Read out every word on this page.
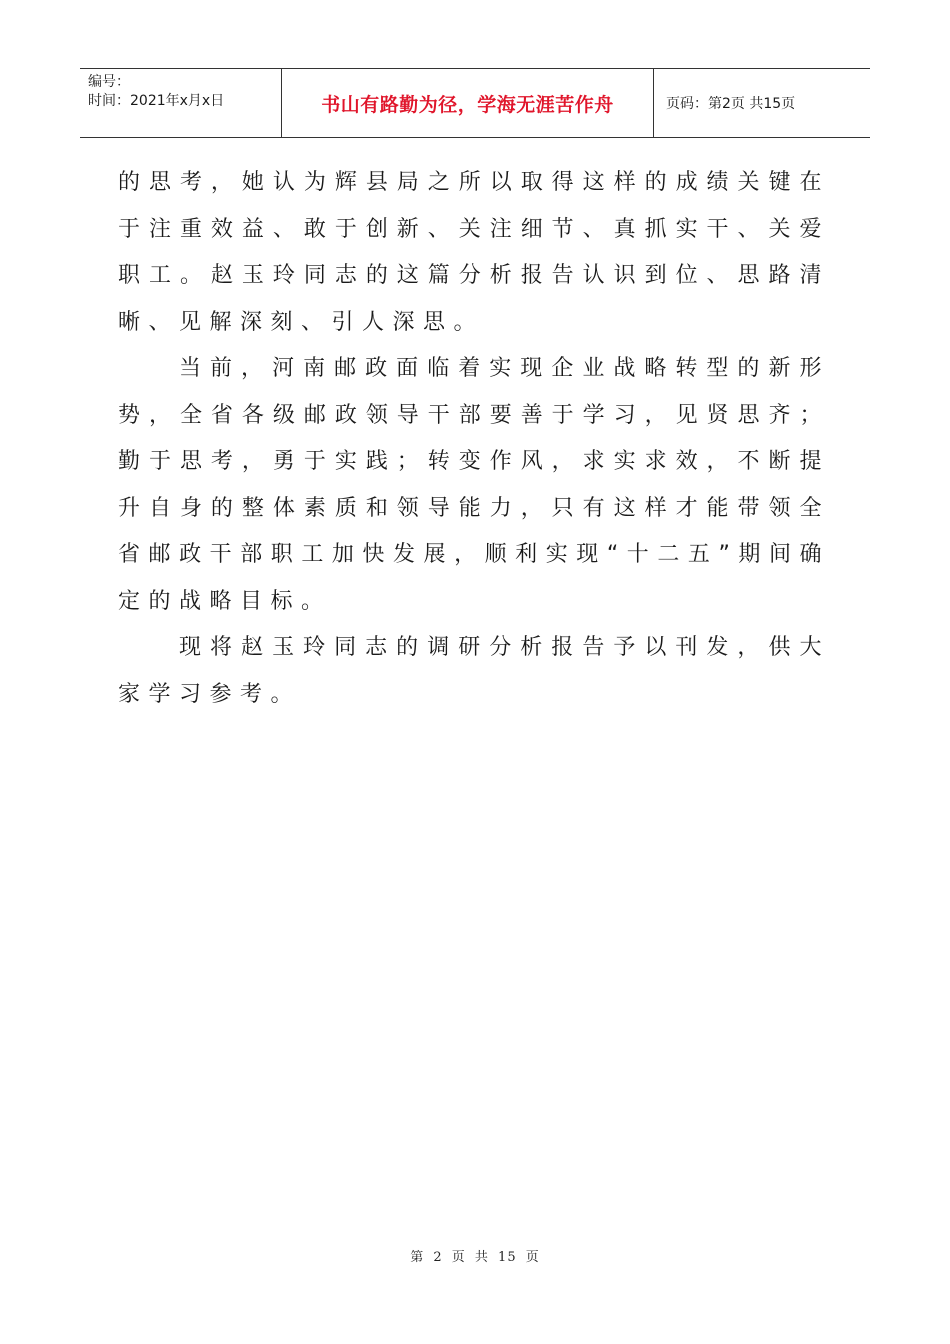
编号：
时间：2021年x月x日	书山有路勤为径，学海无涯苦作舟	页码：第2页 共15页

的思考，她认为辉县局之所以取得这样的成绩关键在于注重效益、敢于创新、关注细节、真抓实干、关爱职工。赵玉玲同志的这篇分析报告认识到位、思路清晰、见解深刻、引人深思。

当前，河南邮政面临着实现企业战略转型的新形势，全省各级邮政领导干部要善于学习，见贤思齐；勤于思考，勇于实践；转变作风，求实求效，不断提升自身的整体素质和领导能力，只有这样才能带领全省邮政干部职工加快发展，顺利实现“十二五”期间确定的战略目标。

现将赵玉玲同志的调研分析报告予以刊发，供大家学习参考。

第 2 页 共 15 页
